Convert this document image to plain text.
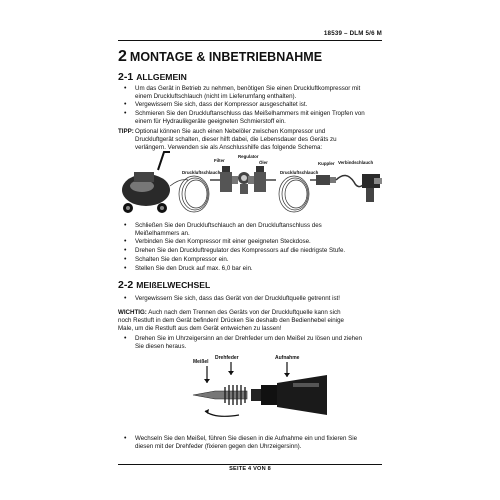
18539 – DLM 5/6 M
2 MONTAGE & INBETRIEBNAHME
2-1 ALLGEMEIN
•	Um das Gerät in Betrieb zu nehmen, benötigen Sie einen Druckluftkompressor mit
einem Druckluftschlauch (nicht im Lieferumfang enthalten).
•	Vergewissern Sie sich, dass der Kompressor ausgeschaltet ist.
•	Schmieren Sie den Druckluftanschluss das Meißelhammers mit einigen Tropfen von
einem für Hydraulikgeräte geeigneten Schmierstoff ein.
TIPP: Optional können Sie auch einen Nebelöler zwischen Kompressor und
Druckluftgerät schalten, dieser hilft dabei, die Lebensdauer des Geräts zu
verlängern. Verwenden sie als Anschlusshilfe das folgende Schema:
Druckluftschlauch
Filter
Regulator
Öler
Druckluftschlauch
Kuppler Verbindschlauch
•	Schließen Sie den Druckluftschlauch an den Druckluftanschluss des
Meißelhammers an.
•	Verbinden Sie den Kompressor mit einer geeigneten Steckdose.
•	Drehen Sie den Druckluftregulator des Kompressors auf die niedrigste Stufe.
•	Schalten Sie den Kompressor ein.
•	Stellen Sie den Druck auf max. 6,0 bar ein.
2-2 MEIßELWECHSEL
•	Vergewissern Sie sich, dass das Gerät von der Druckluftquelle getrennt ist!
WICHTIG: Auch nach dem Trennen des Geräts von der Druckluftquelle kann sich
noch Restluft in dem Gerät befinden! Drücken Sie deshalb den Bedienhebel einige
Male, um die Restluft aus dem Gerät entweichen zu lassen!
•	Drehen Sie im Uhrzeigersinn an der Drehfeder um den Meißel zu lösen und ziehen
Sie diesen heraus.
Meißel
Drehfeder	Aufnahme
•	Wechseln Sie den Meißel, führen Sie diesen in die Aufnahme ein und fixieren Sie
diesen mit der Drehfeder (fixieren gegen den Uhrzeigersinn).
SEITE 4 VON 8
